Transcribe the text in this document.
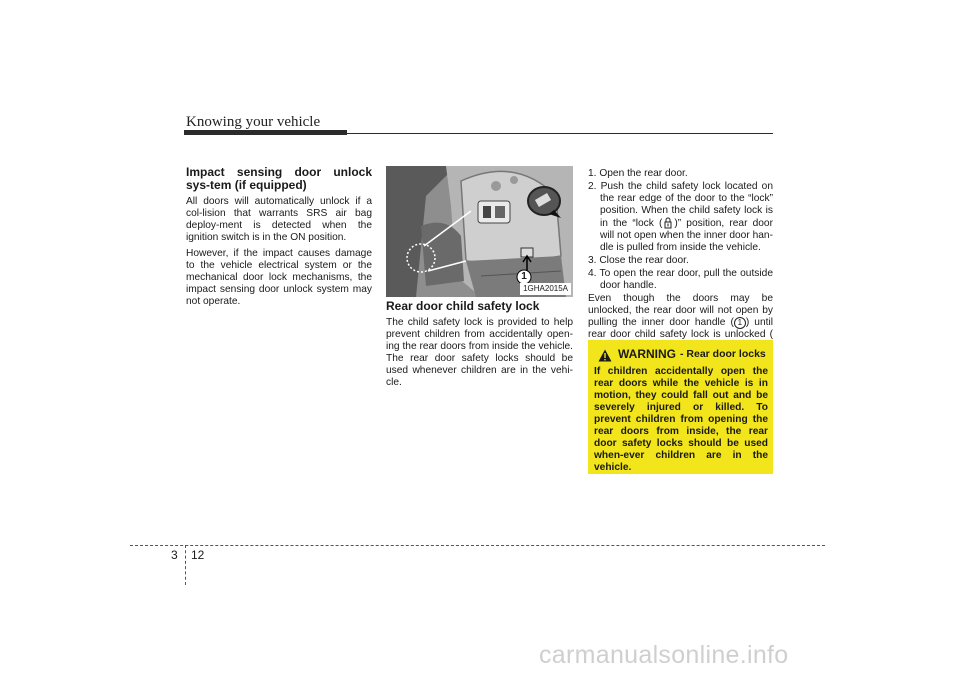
Knowing your vehicle
Impact sensing door unlock sys-tem (if equipped)

All doors will automatically unlock if a col-lision that warrants SRS air bag deploy-ment is detected when the ignition switch is in the ON position.

However, if the impact causes damage to the vehicle electrical system or the mechanical door lock mechanisms, the impact sensing door unlock system may not operate.

1
1GHA2015A
Rear door child safety lock

The child safety lock is provided to help prevent children from accidentally open-ing the rear doors from inside the vehicle. The rear door safety locks should be used whenever children are in the vehi-cle.

1. Open the rear door.
2. Push the child safety lock located on the rear edge of the door to the “lock” position. When the child safety lock is in the “lock ( )” position, rear door will not open when the inner door han-dle is pulled from inside the vehicle.
3. Close the rear door.
4. To open the rear door, pull the outside door handle.

Even though the doors may be unlocked, the rear door will not open by pulling the inner door handle ( 1 ) until rear door child safety lock is unlocked (

WARNING - Rear door locks
If children accidentally open the rear doors while the vehicle is in motion, they could fall out and be severely injured or killed. To prevent children from opening the rear doors from inside, the rear door safety locks should be used when-ever children are in the vehicle.
3 12
carmanualsonline.info
